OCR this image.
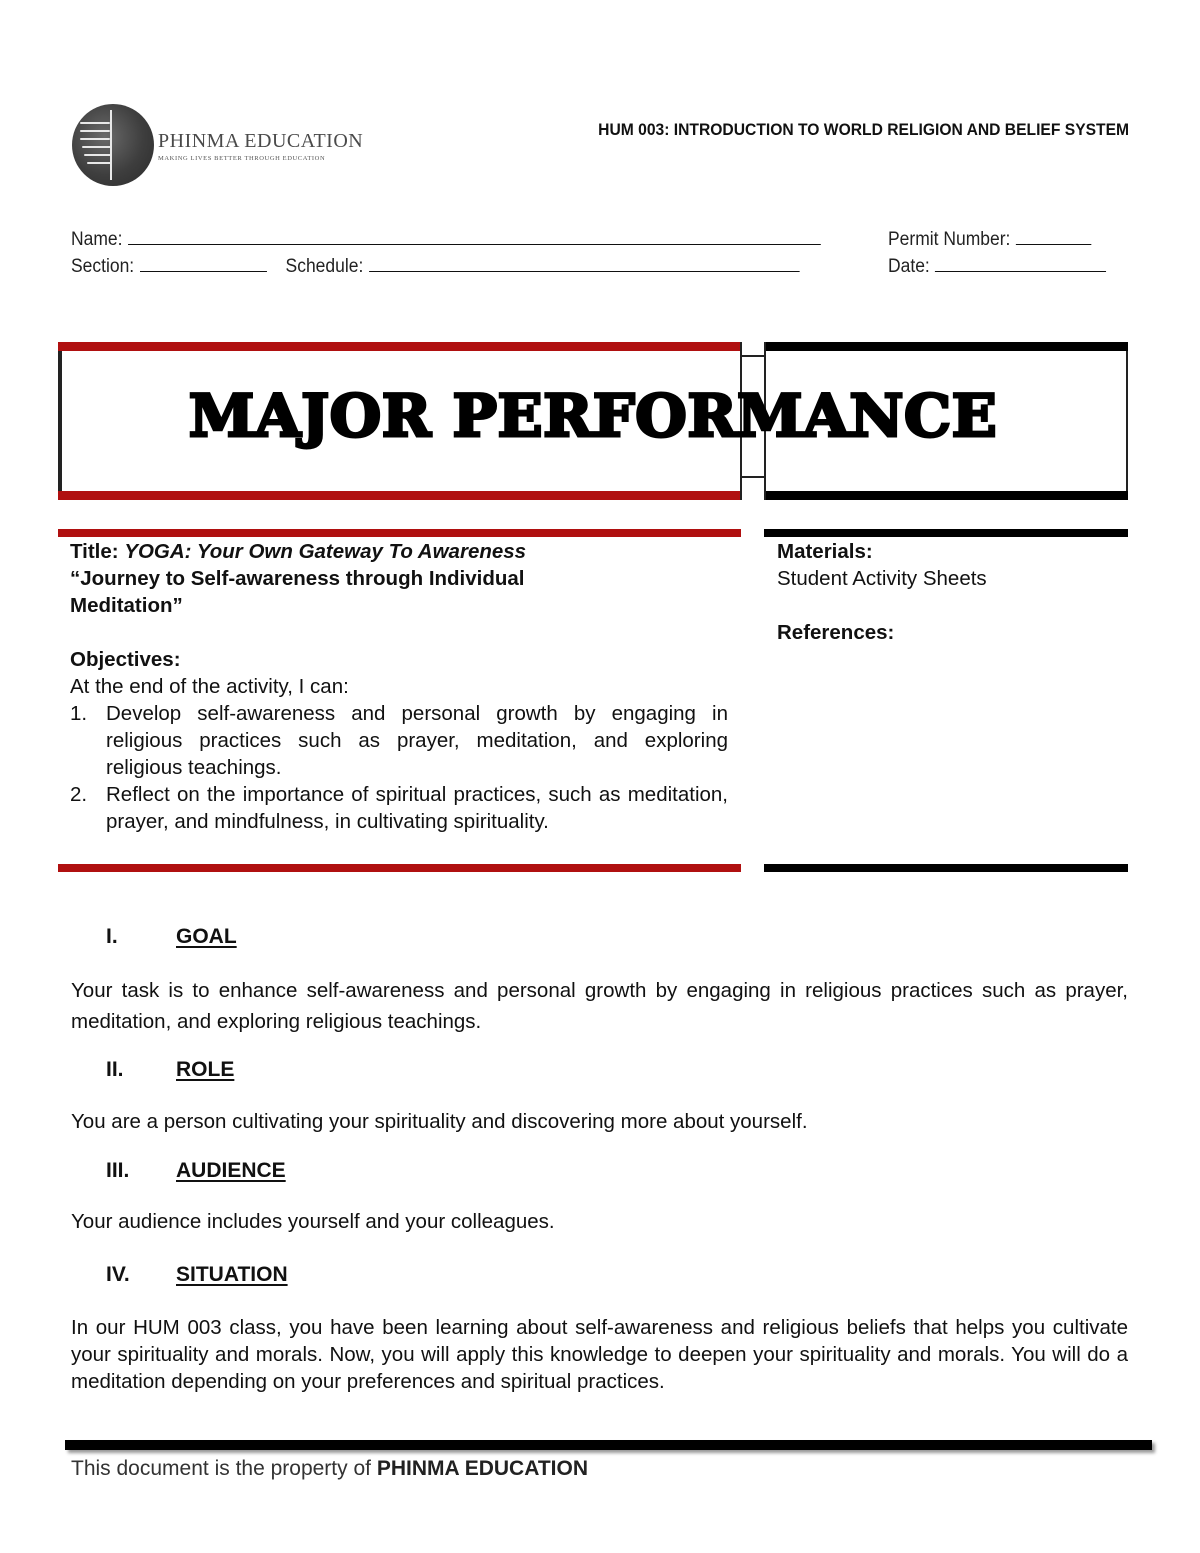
PHINMA EDUCATION
MAKING LIVES BETTER THROUGH EDUCATION
HUM 003: INTRODUCTION TO WORLD RELIGION AND BELIEF SYSTEM
Name:	Permit Number:
Section:	Schedule:	Date:
MAJOR PERFORMANCE
Title: YOGA: Your Own Gateway To Awareness
“Journey to Self-awareness through Individual Meditation”
Objectives:
At the end of the activity, I can:
1. Develop self-awareness and personal growth by engaging in religious practices such as prayer, meditation, and exploring religious teachings.
2. Reflect on the importance of spiritual practices, such as meditation, prayer, and mindfulness, in cultivating spirituality.
Materials:
Student Activity Sheets
References:
I.	GOAL
Your task is to enhance self-awareness and personal growth by engaging in religious practices such as prayer, meditation, and exploring religious teachings.
II. ROLE
You are a person cultivating your spirituality and discovering more about yourself.
III. AUDIENCE
Your audience includes yourself and your colleagues.
IV. SITUATION
In our HUM 003 class, you have been learning about self-awareness and religious beliefs that helps you cultivate your spirituality and morals. Now, you will apply this knowledge to deepen your spirituality and morals. You will do a meditation depending on your preferences and spiritual practices.
This document is the property of PHINMA EDUCATION
